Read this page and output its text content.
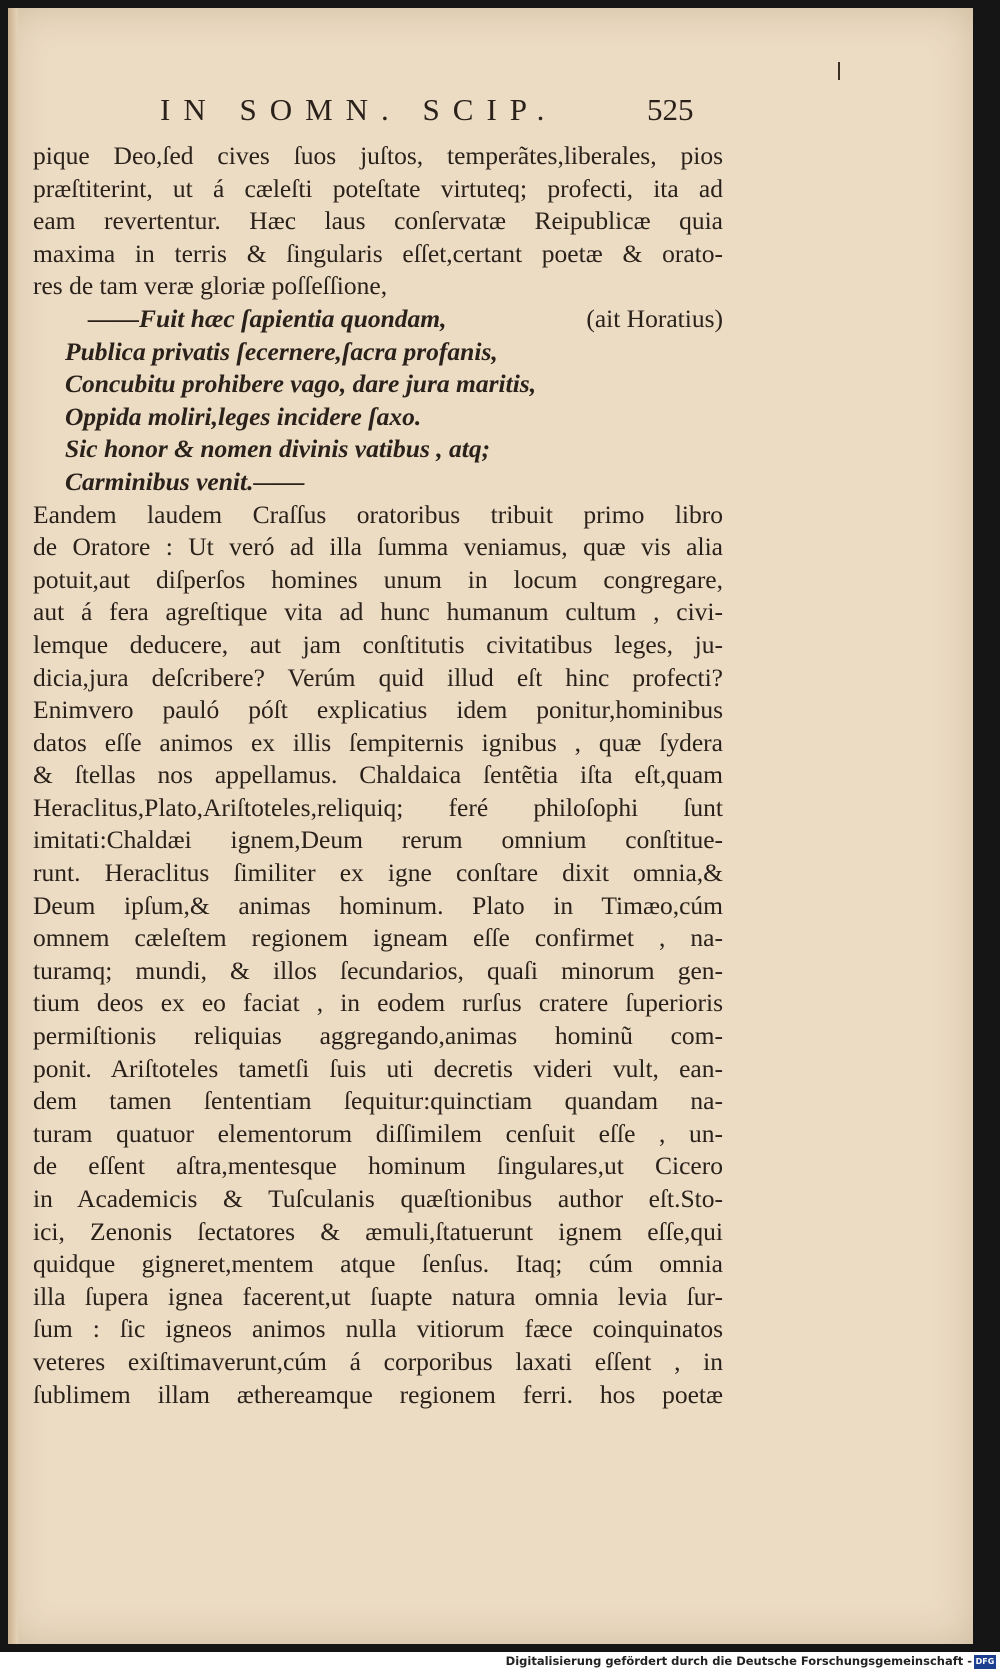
IN SOMN. SCIP.	525
pique Deo,ſed cives ſuos juſtos, temperãtes,liberales, pios
præſtiterint, ut á cæleſti poteſtate virtuteq; profecti, ita ad
eam revertentur. Hæc laus conſervatæ Reipublicæ quia
maxima in terris & ſingularis eſſet,certant poetæ & orato-
res de tam veræ gloriæ poſſeſſione,
——Fuit hæc ſapientia quondam,	(ait Horatius)
Publica privatis ſecernere,ſacra profanis,
Concubitu prohibere vago, dare jura maritis,
Oppida moliri,leges incidere ſaxo.
Sic honor & nomen divinis vatibus , atq;
Carminibus venit.——
Eandem laudem Craſſus oratoribus tribuit primo libro
de Oratore : Ut veró ad illa ſumma veniamus, quæ vis alia
potuit,aut diſperſos homines unum in locum congregare,
aut á fera agreſtique vita ad hunc humanum cultum , civi-
lemque deducere, aut jam conſtitutis civitatibus leges, ju-
dicia,jura deſcribere? Verúm quid illud eſt hinc profecti?
Enimvero pauló póſt explicatius idem ponitur,hominibus
datos eſſe animos ex illis ſempiternis ignibus , quæ ſydera
& ſtellas nos appellamus. Chaldaica ſentẽtia iſta eſt,quam
Heraclitus,Plato,Ariſtoteles,reliquiq; feré philoſophi ſunt
imitati:Chaldæi ignem,Deum rerum omnium conſtitue-
runt. Heraclitus ſimiliter ex igne conſtare dixit omnia,&
Deum ipſum,& animas hominum. Plato in Timæo,cúm
omnem cæleſtem regionem igneam eſſe confirmet , na-
turamq; mundi, & illos ſecundarios, quaſi minorum gen-
tium deos ex eo faciat , in eodem rurſus cratere ſuperioris
permiſtionis reliquias aggregando,animas hominũ com-
ponit. Ariſtoteles tametſi ſuis uti decretis videri vult, ean-
dem tamen ſententiam ſequitur:quinctiam quandam na-
turam quatuor elementorum diſſimilem cenſuit eſſe , un-
de eſſent aſtra,mentesque hominum ſingulares,ut Cicero
in Academicis & Tuſculanis quæſtionibus author eſt.Sto-
ici, Zenonis ſectatores & æmuli,ſtatuerunt ignem eſſe,qui
quidque gigneret,mentem atque ſenſus. Itaq; cúm omnia
illa ſupera ignea facerent,ut ſuapte natura omnia levia ſur-
ſum : ſic igneos animos nulla vitiorum fæce coinquinatos
veteres exiſtimaverunt,cúm á corporibus laxati eſſent , in
ſublimem illam æthereamque regionem ferri. hos poetæ
Digitalisierung gefördert durch die Deutsche Forschungsgemeinschaft - DFG
